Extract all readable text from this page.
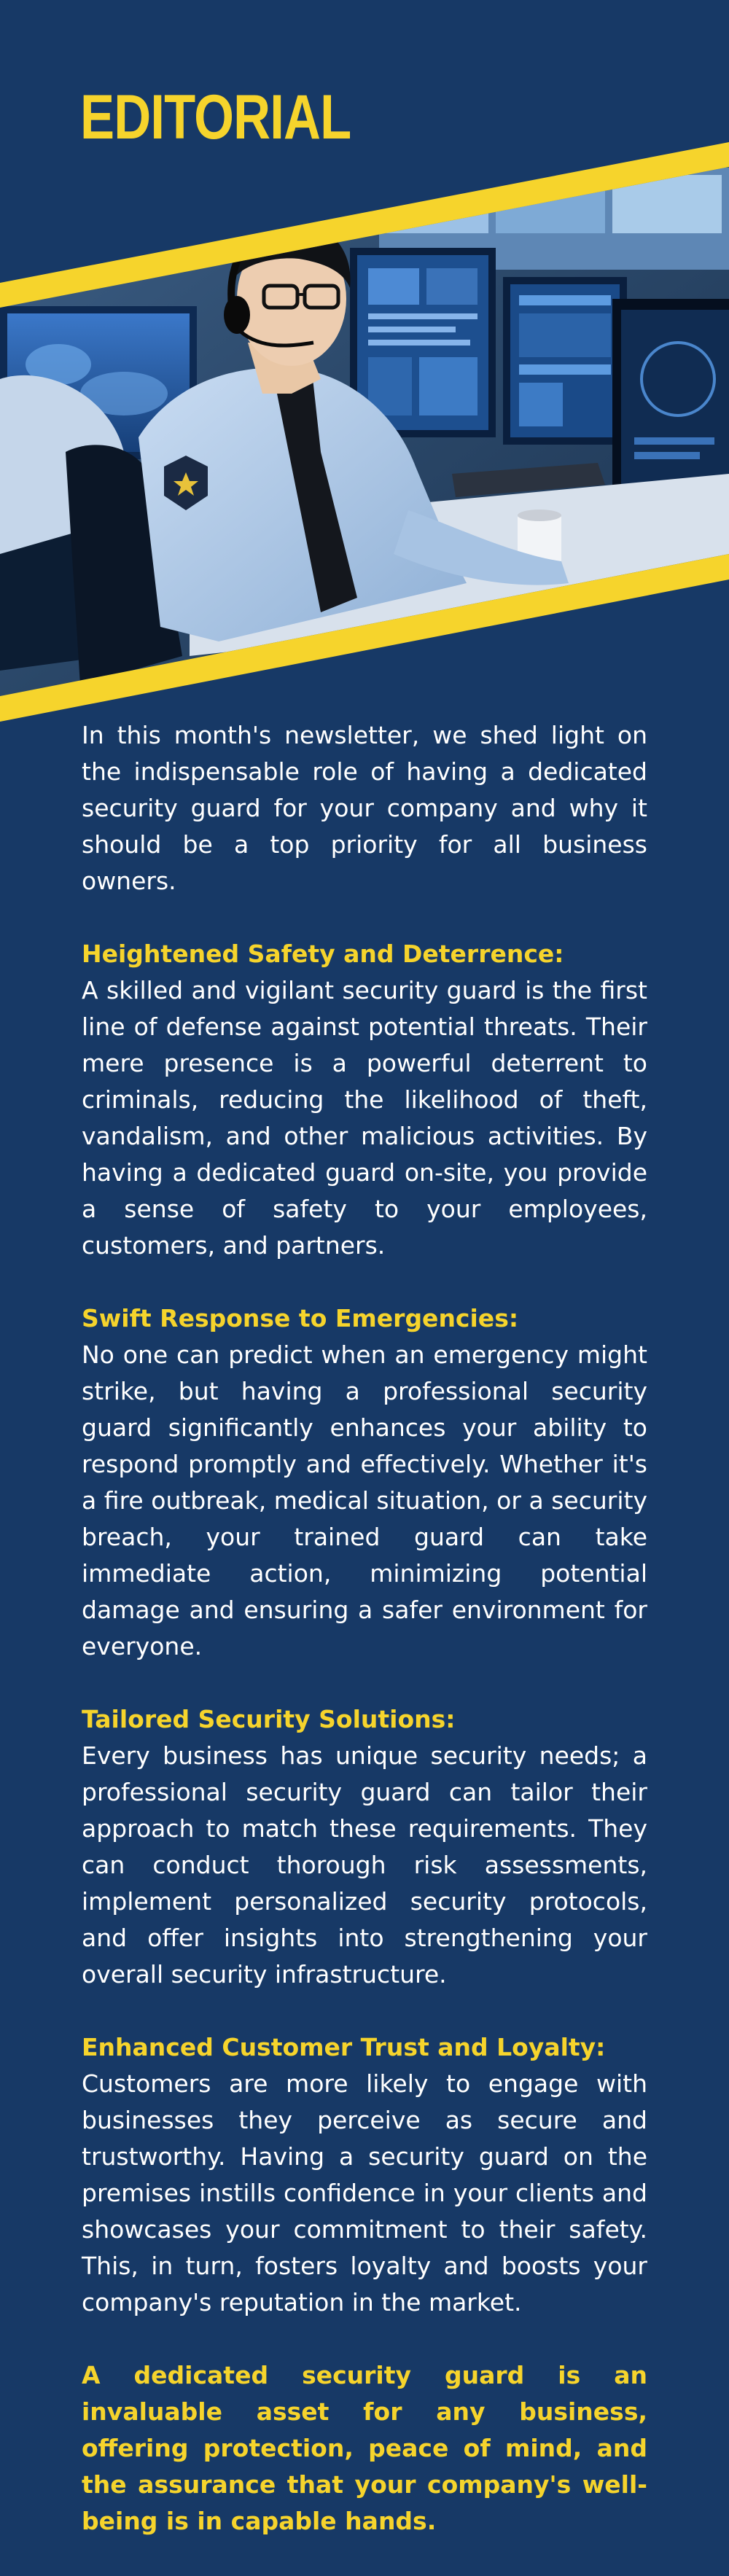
EDITORIAL

In this month's newsletter, we shed light on the indispensable role of having a dedicated security guard for your company and why it should be a top priority for all business owners.

Heightened Safety and Deterrence:

A skilled and vigilant security guard is the first line of defense against potential threats. Their mere presence is a powerful deterrent to criminals, reducing the likelihood of theft, vandalism, and other malicious activities. By having a dedicated guard on-site, you provide a sense of safety to your employees, customers, and partners.

Swift Response to Emergencies:

No one can predict when an emergency might strike, but having a professional security guard significantly enhances your ability to respond promptly and effectively. Whether it's a fire outbreak, medical situation, or a security breach, your trained guard can take immediate action, minimizing potential damage and ensuring a safer environment for everyone.

Tailored Security Solutions:

Every business has unique security needs; a professional security guard can tailor their approach to match these requirements. They can conduct thorough risk assessments, implement personalized security protocols, and offer insights into strengthening your overall security infrastructure.

Enhanced Customer Trust and Loyalty:

Customers are more likely to engage with businesses they perceive as secure and trustworthy. Having a security guard on the premises instills confidence in your clients and showcases your commitment to their safety. This, in turn, fosters loyalty and boosts your company's reputation in the market.

A dedicated security guard is an invaluable asset for any business, offering protection, peace of mind, and the assurance that your company's well-being is in capable hands.
